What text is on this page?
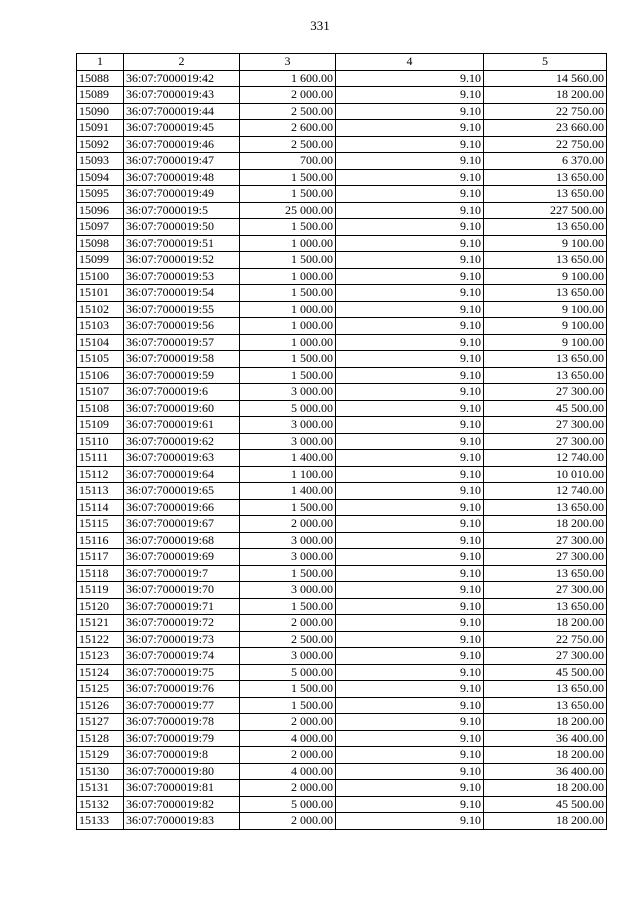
331
1	2	3	4	5
15088	36:07:7000019:42	1 600.00	9.10	14 560.00
15089	36:07:7000019:43	2 000.00	9.10	18 200.00
15090	36:07:7000019:44	2 500.00	9.10	22 750.00
15091	36:07:7000019:45	2 600.00	9.10	23 660.00
15092	36:07:7000019:46	2 500.00	9.10	22 750.00
15093	36:07:7000019:47	700.00	9.10	6 370.00
15094	36:07:7000019:48	1 500.00	9.10	13 650.00
15095	36:07:7000019:49	1 500.00	9.10	13 650.00
15096	36:07:7000019:5	25 000.00	9.10	227 500.00
15097	36:07:7000019:50	1 500.00	9.10	13 650.00
15098	36:07:7000019:51	1 000.00	9.10	9 100.00
15099	36:07:7000019:52	1 500.00	9.10	13 650.00
15100	36:07:7000019:53	1 000.00	9.10	9 100.00
15101	36:07:7000019:54	1 500.00	9.10	13 650.00
15102	36:07:7000019:55	1 000.00	9.10	9 100.00
15103	36:07:7000019:56	1 000.00	9.10	9 100.00
15104	36:07:7000019:57	1 000.00	9.10	9 100.00
15105	36:07:7000019:58	1 500.00	9.10	13 650.00
15106	36:07:7000019:59	1 500.00	9.10	13 650.00
15107	36:07:7000019:6	3 000.00	9.10	27 300.00
15108	36:07:7000019:60	5 000.00	9.10	45 500.00
15109	36:07:7000019:61	3 000.00	9.10	27 300.00
15110	36:07:7000019:62	3 000.00	9.10	27 300.00
15111	36:07:7000019:63	1 400.00	9.10	12 740.00
15112	36:07:7000019:64	1 100.00	9.10	10 010.00
15113	36:07:7000019:65	1 400.00	9.10	12 740.00
15114	36:07:7000019:66	1 500.00	9.10	13 650.00
15115	36:07:7000019:67	2 000.00	9.10	18 200.00
15116	36:07:7000019:68	3 000.00	9.10	27 300.00
15117	36:07:7000019:69	3 000.00	9.10	27 300.00
15118	36:07:7000019:7	1 500.00	9.10	13 650.00
15119	36:07:7000019:70	3 000.00	9.10	27 300.00
15120	36:07:7000019:71	1 500.00	9.10	13 650.00
15121	36:07:7000019:72	2 000.00	9.10	18 200.00
15122	36:07:7000019:73	2 500.00	9.10	22 750.00
15123	36:07:7000019:74	3 000.00	9.10	27 300.00
15124	36:07:7000019:75	5 000.00	9.10	45 500.00
15125	36:07:7000019:76	1 500.00	9.10	13 650.00
15126	36:07:7000019:77	1 500.00	9.10	13 650.00
15127	36:07:7000019:78	2 000.00	9.10	18 200.00
15128	36:07:7000019:79	4 000.00	9.10	36 400.00
15129	36:07:7000019:8	2 000.00	9.10	18 200.00
15130	36:07:7000019:80	4 000.00	9.10	36 400.00
15131	36:07:7000019:81	2 000.00	9.10	18 200.00
15132	36:07:7000019:82	5 000.00	9.10	45 500.00
15133	36:07:7000019:83	2 000.00	9.10	18 200.00
